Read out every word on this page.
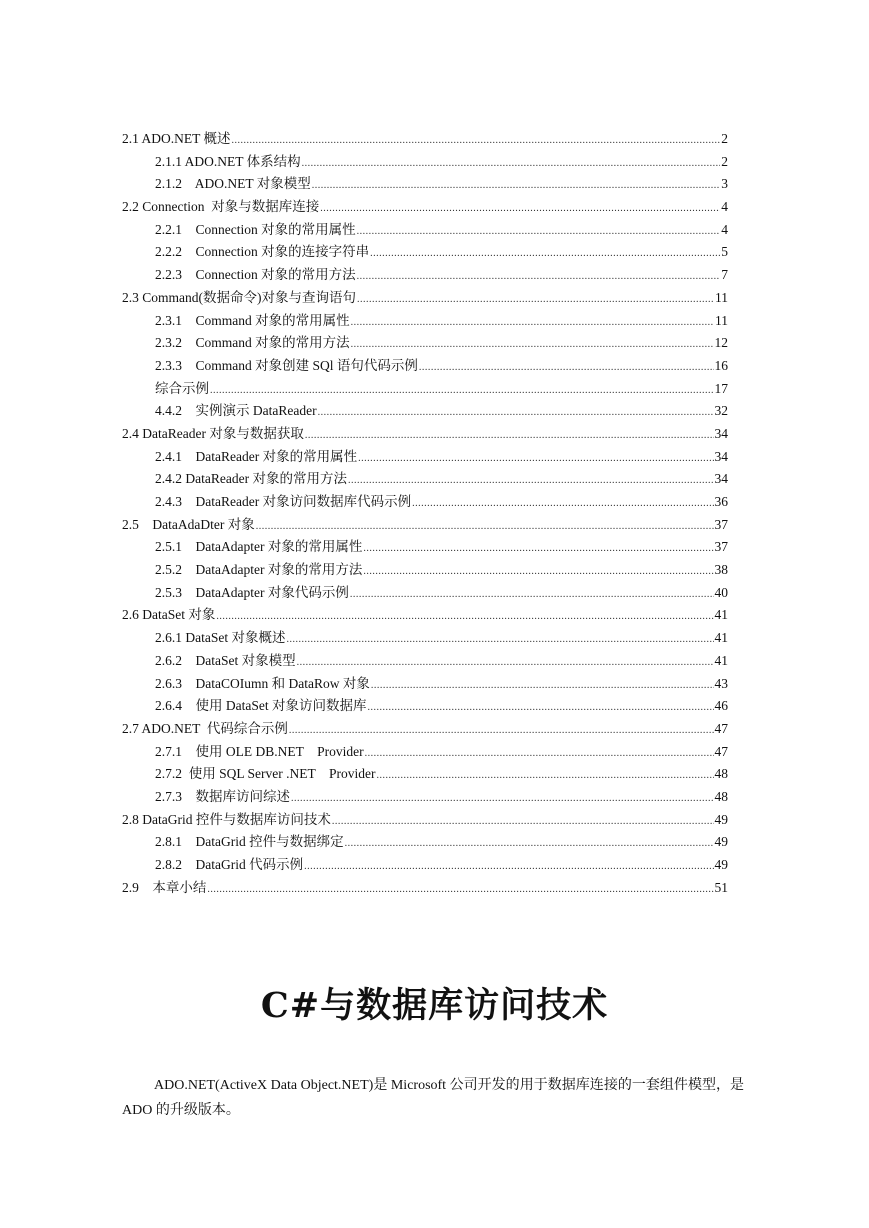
2.1 ADO.NET 概述 .....	2
2.1.1 ADO.NET 体系结构 .....	2
2.1.2    ADO.NET 对象模型 .....	3
2.2 Connection  对象与数据库连接 .....	4
2.2.1    Connection 对象的常用属性 .....	4
2.2.2    Connection 对象的连接字符串 .....	5
2.2.3    Connection 对象的常用方法 .....	7
2.3 Command(数据命令)对象与查询语句 .....	11
2.3.1    Command 对象的常用属性 .....	11
2.3.2    Command 对象的常用方法 .....	12
2.3.3    Command 对象创建 SQl 语句代码示例 .....	16
综合示例 .....	17
4.4.2    实例演示 DataReader .....	32
2.4 DataReader 对象与数据获取 .....	34
2.4.1    DataReader 对象的常用属性 .....	34
2.4.2 DataReader 对象的常用方法 .....	34
2.4.3    DataReader 对象访问数据库代码示例 .....	36
2.5    DataAdaDter 对象 .....	37
2.5.1    DataAdapter 对象的常用属性 .....	37
2.5.2    DataAdapter 对象的常用方法 .....	38
2.5.3    DataAdapter 对象代码示例 .....	40
2.6 DataSet 对象 .....	41
2.6.1 DataSet 对象概述 .....	41
2.6.2    DataSet 对象模型 .....	41
2.6.3    DataCOIumn 和 DataRow 对象 .....	43
2.6.4    使用 DataSet 对象访问数据库 .....	46
2.7 ADO.NET  代码综合示例 .....	47
2.7.1    使用 OLE DB.NET    Provider .....	47
2.7.2  使用 SQL Server .NET    Provider .....	48
2.7.3    数据库访问综述 .....	48
2.8 DataGrid 控件与数据库访问技术 .....	49
2.8.1    DataGrid 控件与数据绑定 .....	49
2.8.2    DataGrid 代码示例 .....	49
2.9    本章小结 .....	51
C#与数据库访问技术

ADO.NET(ActiveX Data Object.NET)是 Microsoft 公司开发的用于数据库连接的一套组件模型，是 ADO 的升级版本。
